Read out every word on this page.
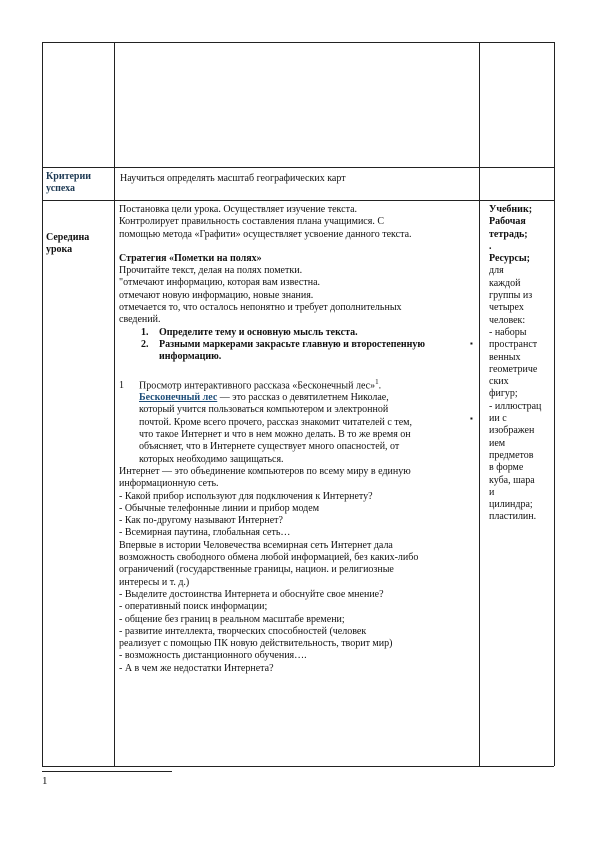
Критерии успеха
Научиться определять масштаб географических карт
Середина урока

Постановка цели урока. Осуществляет изучение текста.

Контролирует правильность составления плана учащимися. С

помощью метода «Графити» осуществляет усвоение данного текста.

Стратегия «Пометки на полях»

Прочитайте текст, делая на полях пометки.

"отмечают информацию, которая вам известна.

отмечают новую информацию, новые знания.

отмечается то, что осталось непонятно и требует дополнительных

сведений.

1. Определите тему и основную мысль текста.

2. Разными маркерами закрасьте главную и второстепенную

информацию.

1 Просмотр интерактивного рассказа «Бесконечный лес»$^1$.

Бесконечный лес — это рассказ о девятилетнем Николае,

который учится пользоваться компьютером и электронной

почтой. Кроме всего прочего, рассказ знакомит читателей с тем,

что такое Интернет и что в нем можно делать. В то же время он

объясняет, что в Интернете существует много опасностей, от

которых необходимо защищаться.

Интернет — это объединение компьютеров по всему миру в единую

информационную сеть.

- Какой прибор используют для подключения к Интернету?

- Обычные телефонные линии и прибор модем

- Как по-другому называют Интернет?

- Всемирная паутина, глобальная сеть…

Впервые в истории Человечества всемирная сеть Интернет дала

возможность свободного обмена любой информацией, без каких-либо

ограничений (государственные границы, национ. и религиозные

интересы и т. д.)

- Выделите достоинства Интернета и обоснуйте свое мнение?

- оперативный поиск информации;

- общение без границ в реальном масштабе времени;

- развитие интеллекта, творческих способностей (человек

реализует с помощью ПК новую действительность, творит мир)

- возможность дистанционного обучения….

- А в чем же недостатки Интернета?

▪
▪

Учебник;

Рабочая

тетрадь;

.

Ресурсы;

для

каждой

группы из

четырех

человек:

- наборы

пространст

венных

геометриче

ских

фигур;

- иллюстрац

ии с

изображен

ием

предметов

в форме

куба, шара

и

цилиндра;

пластилин.

1
